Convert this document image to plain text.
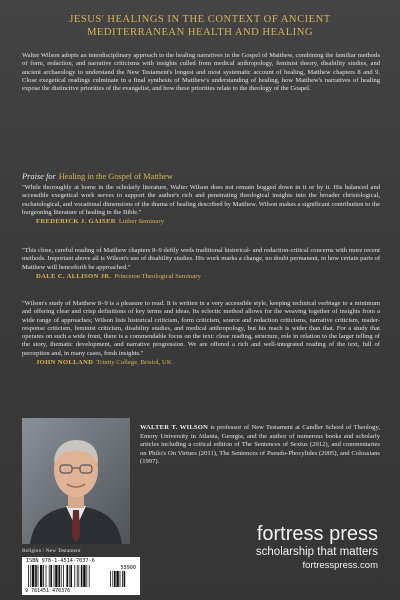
JESUS' HEALINGS IN THE CONTEXT OF ANCIENT
MEDITERRANEAN HEALTH AND HEALING
Walter Wilson adopts an interdisciplinary approach to the healing narratives in the Gospel of Matthew, combining the familiar methods of form, redaction, and narrative criticisms with insights culled from medical anthropology, feminist theory, disability studies, and ancient archaeology to understand the New Testament's longest and most systematic account of healing, Matthew chapters 8 and 9. Close exegetical readings culminate in a final synthesis of Matthew's understanding of healing, how Matthew's narratives of healing expose the distinctive priorities of the evangelist, and how these priorities relate to the theology of the Gospel.
Praise for Healing in the Gospel of Matthew

"While thoroughly at home in the scholarly literature, Walter Wilson does not remain bogged down in it or by it. His balanced and accessible exegetical work serves to support the author's rich and penetrating theological insights into the broader christological, eschatological, and vocational dimensions of the drama of healing described by Matthew. Wilson makes a significant contribution to the burgeoning literature of healing in the Bible."

FREDERICK J. GAISER Luther Seminary

"This close, careful reading of Matthew chapters 8–9 deftly weds traditional historical- and redaction-critical concerns with more recent methods. Important above all is Wilson's use of disability studies. His work marks a change, no doubt permanent, in how certain parts of Matthew will henceforth be approached."

DALE C. ALLISON JR. Princeton Theological Seminary

"Wilson's study of Matthew 8–9 is a pleasure to read. It is written in a very accessible style, keeping technical verbiage to a minimum and offering clear and crisp definitions of key terms and ideas. Its eclectic method allows for the weaving together of insights from a wide range of approaches; Wilson lists historical criticism, form criticism, source and redaction criticisms, narrative criticism, reader-response criticism, feminist criticism, disability studies, and medical anthropology, but his reach is wider than that. For a study that operates on such a wide front, there is a commendable focus on the text: close reading, structure, role in relation to the larger telling of the story, thematic development, and narrative progression. We are offered a rich and well-integrated reading of the text, full of perception and, in many cases, fresh insights."

JOHN NOLLAND Trinity College, Bristol, UK
WALTER T. WILSON is professor of New Testament at Candler School of Theology, Emory University in Atlanta, Georgia, and the author of numerous books and scholarly articles including a critical edition of The Sentences of Sextus (2012), and commentaries on Philo's On Virtues (2011), The Sentences of Pseudo-Phocylides (2005), and Colossians (1997).
Religion / New Testament
ISBN 978-1-4514-7037-6
53900
9 781451 470376
fortress press
scholarship that matters
fortresspress.com
